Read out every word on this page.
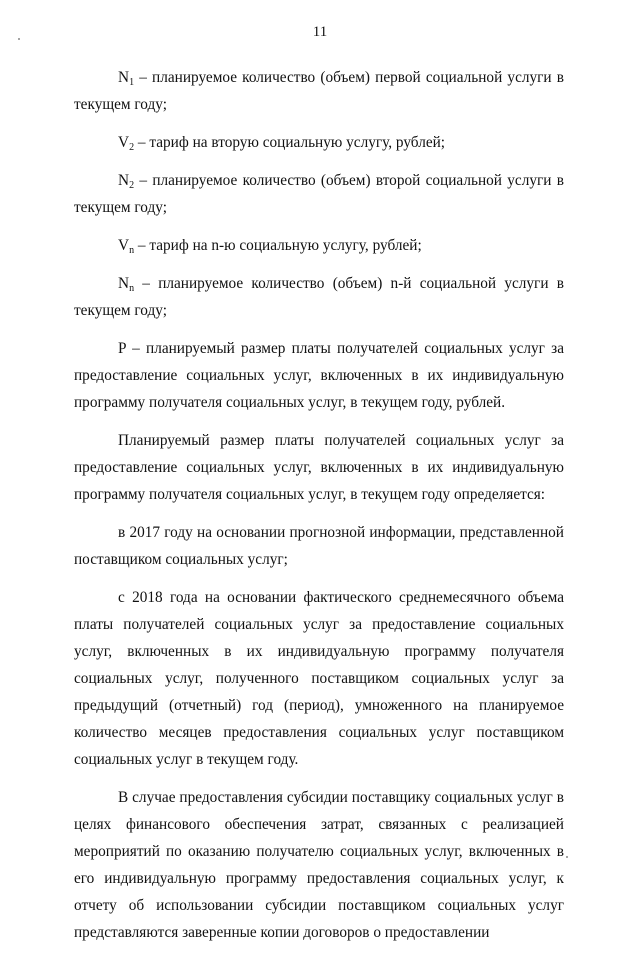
11

$N_1$ – планируемое количество (объем) первой социальной услуги в текущем году;

$V_2$ – тариф на вторую социальную услугу, рублей;

$N_2$ – планируемое количество (объем) второй социальной услуги в текущем году;

$V_n$ – тариф на n-ю социальную услугу, рублей;

$N_n$ – планируемое количество (объем) n-й социальной услуги в текущем году;

P – планируемый размер платы получателей социальных услуг за предоставление социальных услуг, включенных в их индивидуальную программу получателя социальных услуг, в текущем году, рублей.

Планируемый размер платы получателей социальных услуг за предоставление социальных услуг, включенных в их индивидуальную программу получателя социальных услуг, в текущем году определяется:

в 2017 году на основании прогнозной информации, представленной поставщиком социальных услуг;

с 2018 года на основании фактического среднемесячного объема платы получателей социальных услуг за предоставление социальных услуг, включенных в их индивидуальную программу получателя социальных услуг, полученного поставщиком социальных услуг за предыдущий (отчетный) год (период), умноженного на планируемое количество месяцев предоставления социальных услуг поставщиком социальных услуг в текущем году.

В случае предоставления субсидии поставщику социальных услуг в целях финансового обеспечения затрат, связанных с реализацией мероприятий по оказанию получателю социальных услуг, включенных в его индивидуальную программу предоставления социальных услуг, к отчету об использовании субсидии поставщиком социальных услуг представляются заверенные копии договоров о предоставлении
